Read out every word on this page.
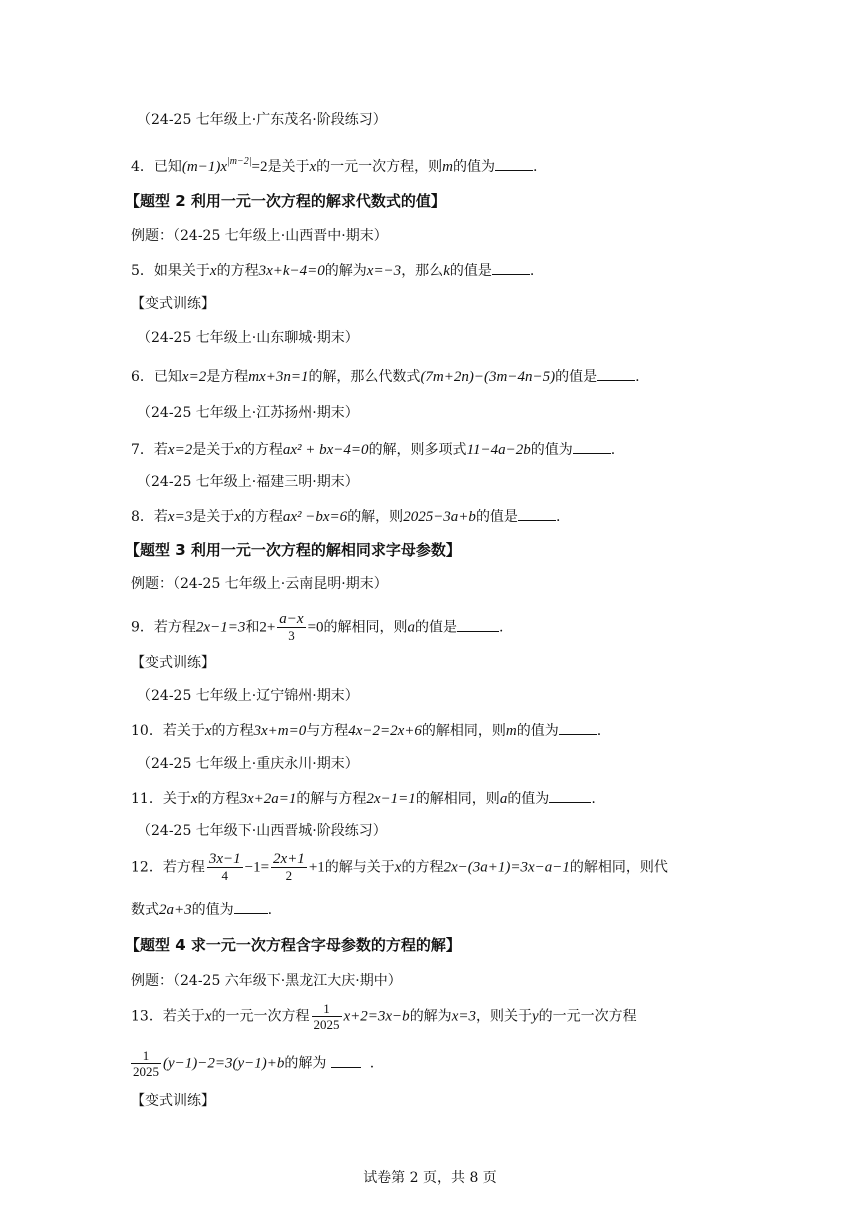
（24-25 七年级上·广东茂名·阶段练习）
4．已知$(m-1)x^{|m-2|}=2$是关于x的一元一次方程，则m的值为	.
【题型 2 利用一元一次方程的解求代数式的值】
例题：（24-25 七年级上·山西晋中·期末）
5．如果关于x的方程3x+k−4=0的解为x=−3，那么k的值是	.
【变式训练】
（24-25 七年级上·山东聊城·期末）
6．已知x=2是方程mx+3n=1的解，那么代数式(7m+2n)−(3m−4n−5)的值是	.
（24-25 七年级上·江苏扬州·期末）
7．若x=2是关于x的方程ax² + bx−4=0的解，则多项式11−4a−2b的值为	.
（24-25 七年级上·福建三明·期末）
8．若x=3是关于x的方程ax² −bx=6的解，则2025−3a+b的值是	.
【题型 3 利用一元一次方程的解相同求字母参数】
例题：（24-25 七年级上·云南昆明·期末）
9．若方程2x−1=3和$2+ \frac{a-x}{3} =0$的解相同，则a的值是	.
【变式训练】
（24-25 七年级上·辽宁锦州·期末）
10．若关于x的方程3x+m=0与方程4x−2=2x+6的解相同，则m的值为	.
（24-25 七年级上·重庆永川·期末）
11．关于x的方程3x+2a=1的解与方程2x−1=1的解相同，则a的值为	.
（24-25 七年级下·山西晋城·阶段练习）
12．若方程 $\frac{3x-1}{4} -1= \frac{2x+1}{2} +1$的解与关于x的方程2x−(3a+1)=3x−a−1的解相同，则代
数式2a+3的值为 .
【题型 4 求一元一次方程含字母参数的方程的解】
例题：（24-25 六年级下·黑龙江大庆·期中）
13．若关于x的一元一次方程 $\frac{1}{2025} x+2=3x-b$的解为x=3，则关于y的一元一次方程
$\frac{1}{2025} (y-1)-2=3(y-1)+b$的解为	.
【变式训练】
试卷第 2 页，共 8 页
